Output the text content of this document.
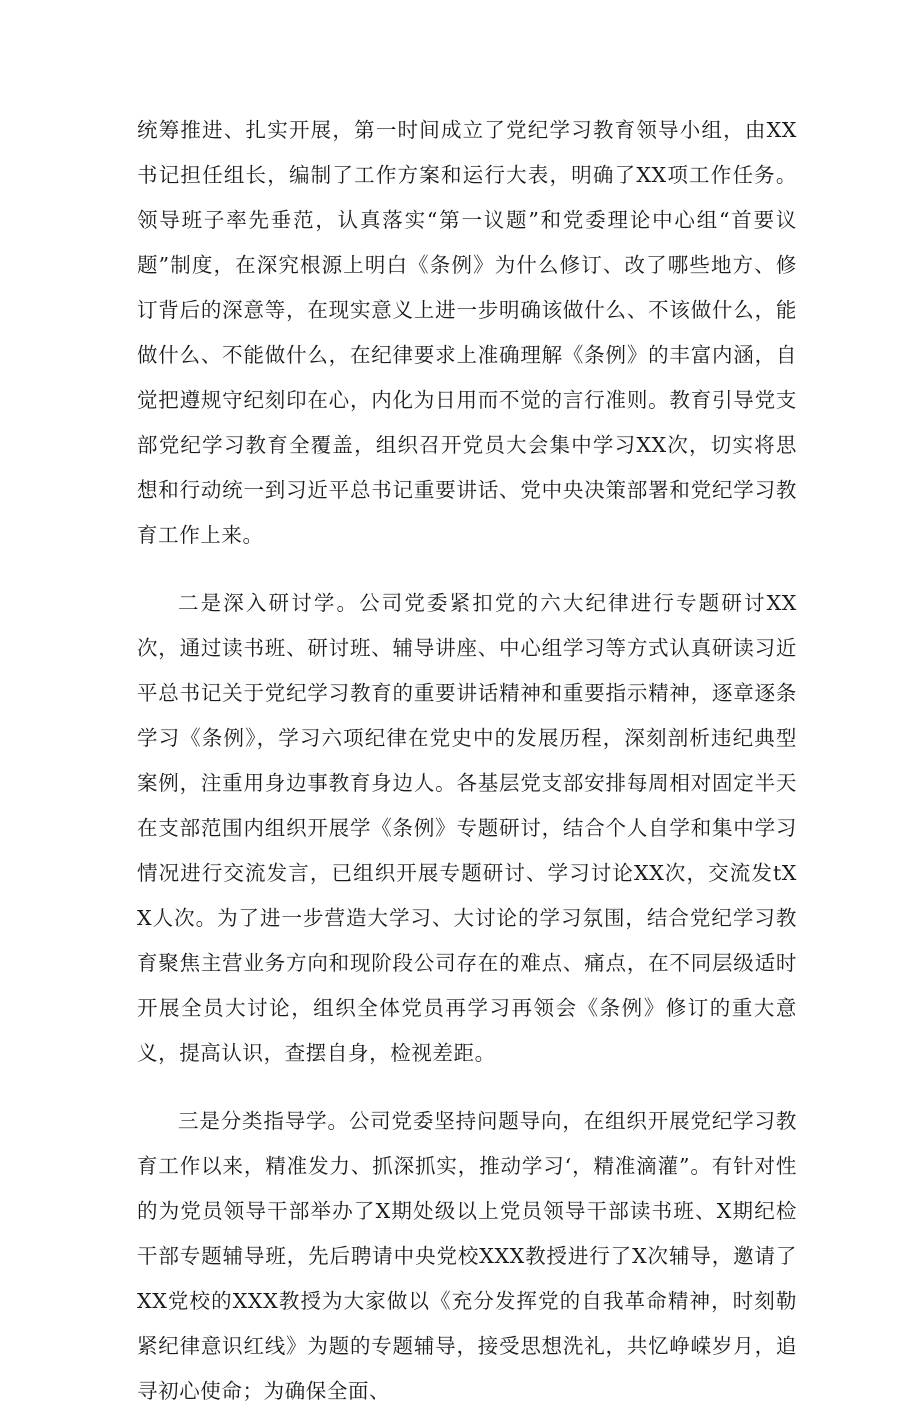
统筹推进、扎实开展，第一时间成立了党纪学习教育领导小组，由XX书记担任组长，编制了工作方案和运行大表，明确了XX项工作任务。领导班子率先垂范，认真落实“第一议题”和党委理论中心组“首要议题”制度，在深究根源上明白《条例》为什么修订、改了哪些地方、修订背后的深意等，在现实意义上进一步明确该做什么、不该做什么，能做什么、不能做什么，在纪律要求上准确理解《条例》的丰富内涵，自觉把遵规守纪刻印在心，内化为日用而不觉的言行准则。教育引导党支部党纪学习教育全覆盖，组织召开党员大会集中学习XX次，切实将思想和行动统一到习近平总书记重要讲话、党中央决策部署和党纪学习教育工作上来。

二是深入研讨学。公司党委紧扣党的六大纪律进行专题研讨XX次，通过读书班、研讨班、辅导讲座、中心组学习等方式认真研读习近平总书记关于党纪学习教育的重要讲话精神和重要指示精神，逐章逐条学习《条例》，学习六项纪律在党史中的发展历程，深刻剖析违纪典型案例，注重用身边事教育身边人。各基层党支部安排每周相对固定半天在支部范围内组织开展学《条例》专题研讨，结合个人自学和集中学习情况进行交流发言，已组织开展专题研讨、学习讨论XX次，交流发tXX人次。为了进一步营造大学习、大讨论的学习氛围，结合党纪学习教育聚焦主营业务方向和现阶段公司存在的难点、痛点，在不同层级适时开展全员大讨论，组织全体党员再学习再领会《条例》修订的重大意义，提高认识，查摆自身，检视差距。

三是分类指导学。公司党委坚持问题导向，在组织开展党纪学习教育工作以来，精准发力、抓深抓实，推动学习‘，精准滴灌”。有针对性的为党员领导干部举办了X期处级以上党员领导干部读书班、X期纪检干部专题辅导班，先后聘请中央党校XXX教授进行了X次辅导，邀请了XX党校的XXX教授为大家做以《充分发挥党的自我革命精神，时刻勒紧纪律意识红线》为题的专题辅导，接受思想洗礼，共忆峥嵘岁月，追寻初心使命；为确保全面、
